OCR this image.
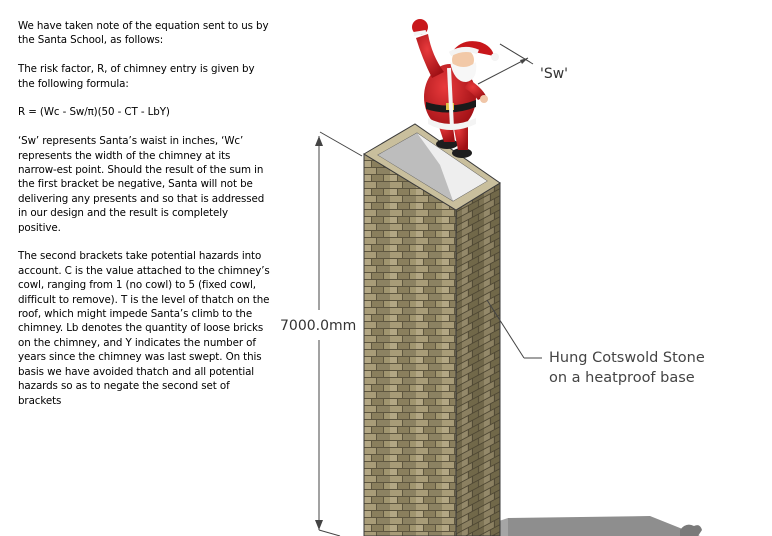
We have taken note of the equation sent to us by the Santa School, as follows:

The risk factor, R, of chimney entry is given by the following formula:

R = (Wc - Sw/π)(50 - CT - LbY)

‘Sw’ represents Santa’s waist in inches, ‘Wc’ represents the width of the chimney at its narrow-est point. Should the result of the sum in the first bracket be negative, Santa will not be delivering any presents and so that is addressed in our design and the result is completely positive.

The second brackets take potential hazards into account. C is the value attached to the chimney’s cowl, ranging from 1 (no cowl) to 5 (fixed cowl, difficult to remove). T is the level of thatch on the roof, which might impede Santa’s climb to the chimney. Lb denotes the quantity of loose bricks on the chimney, and Y indicates the number of years since the chimney was last swept. On this basis we have avoided thatch and all potential hazards so as to negate the second set of brackets

'Sw'
7000.0mm
Hung Cotswold Stone
on a heatproof base
